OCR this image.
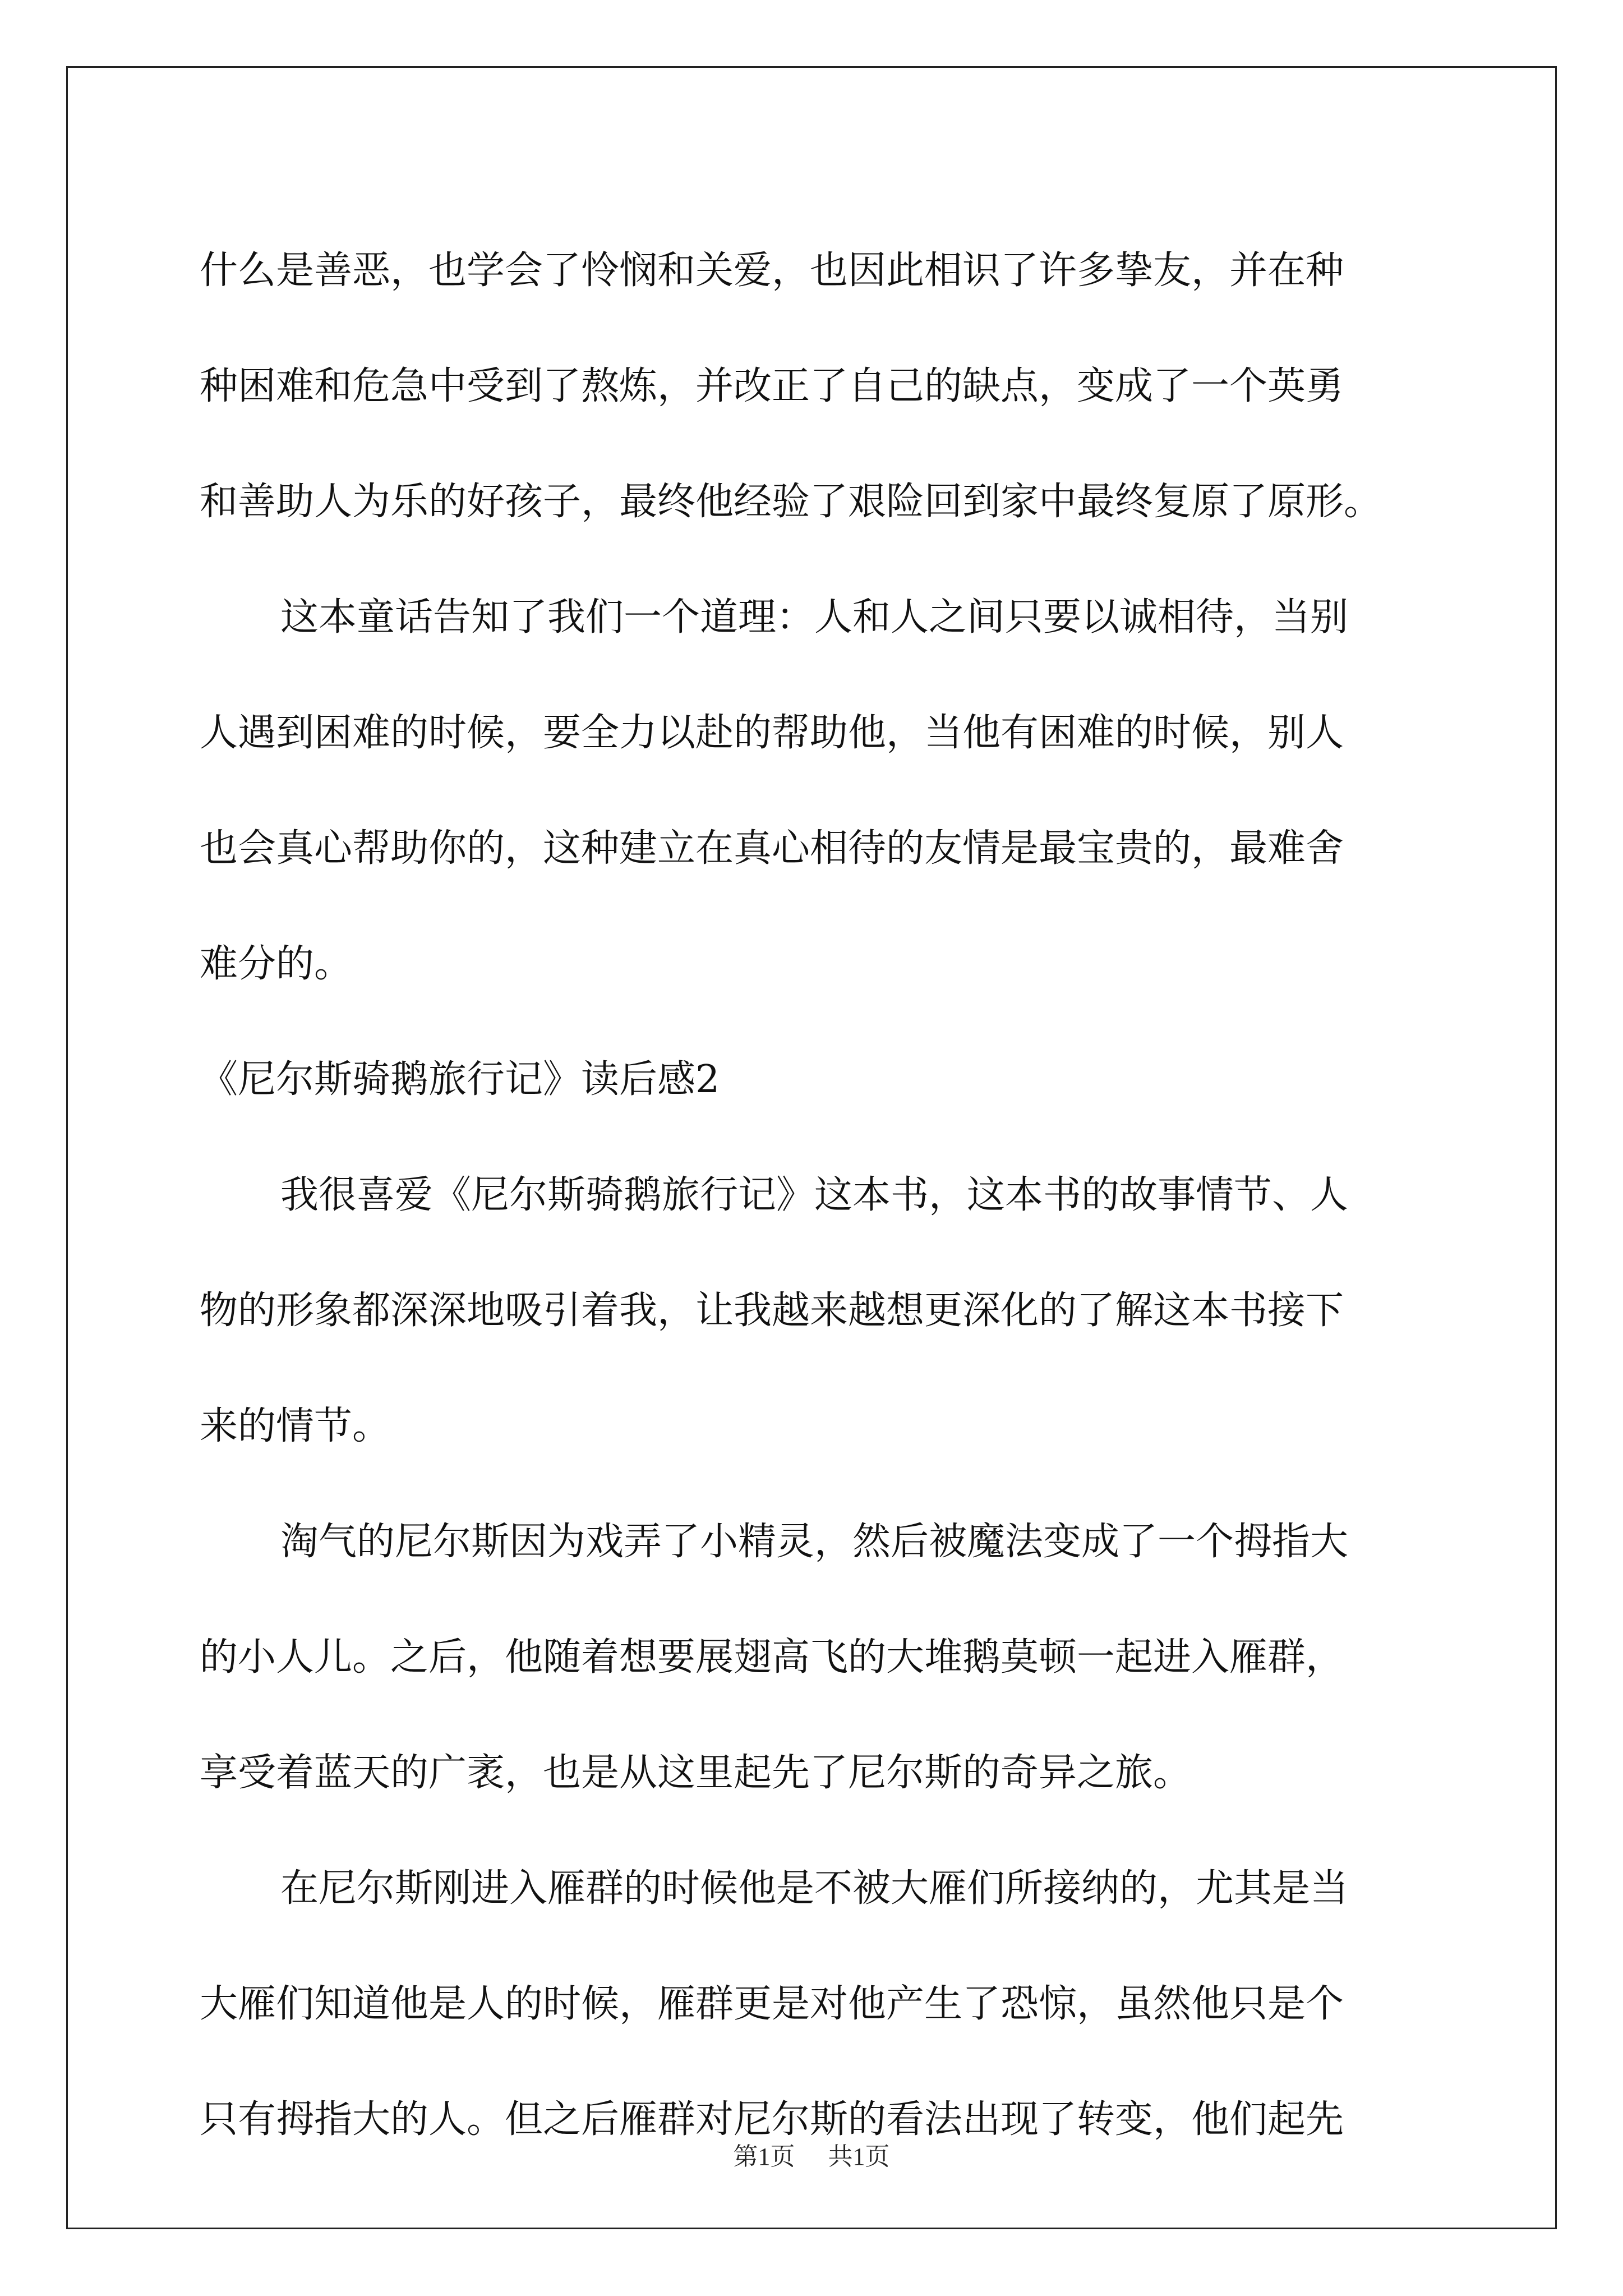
什么是善恶，也学会了怜悯和关爱，也因此相识了许多挚友，并在种
种困难和危急中受到了熬炼，并改正了自己的缺点，变成了一个英勇
和善助人为乐的好孩子，最终他经验了艰险回到家中最终复原了原形。
这本童话告知了我们一个道理：人和人之间只要以诚相待，当别
人遇到困难的时候，要全力以赴的帮助他，当他有困难的时候，别人
也会真心帮助你的，这种建立在真心相待的友情是最宝贵的，最难舍
难分的。
《尼尔斯骑鹅旅行记》读后感2
我很喜爱《尼尔斯骑鹅旅行记》这本书，这本书的故事情节、人
物的形象都深深地吸引着我，让我越来越想更深化的了解这本书接下
来的情节。
淘气的尼尔斯因为戏弄了小精灵，然后被魔法变成了一个拇指大
的小人儿。之后，他随着想要展翅高飞的大堆鹅莫顿一起进入雁群，
享受着蓝天的广袤，也是从这里起先了尼尔斯的奇异之旅。
在尼尔斯刚进入雁群的时候他是不被大雁们所接纳的，尤其是当
大雁们知道他是人的时候，雁群更是对他产生了恐惊，虽然他只是个
只有拇指大的人。但之后雁群对尼尔斯的看法出现了转变，他们起先
第1页 共1页
